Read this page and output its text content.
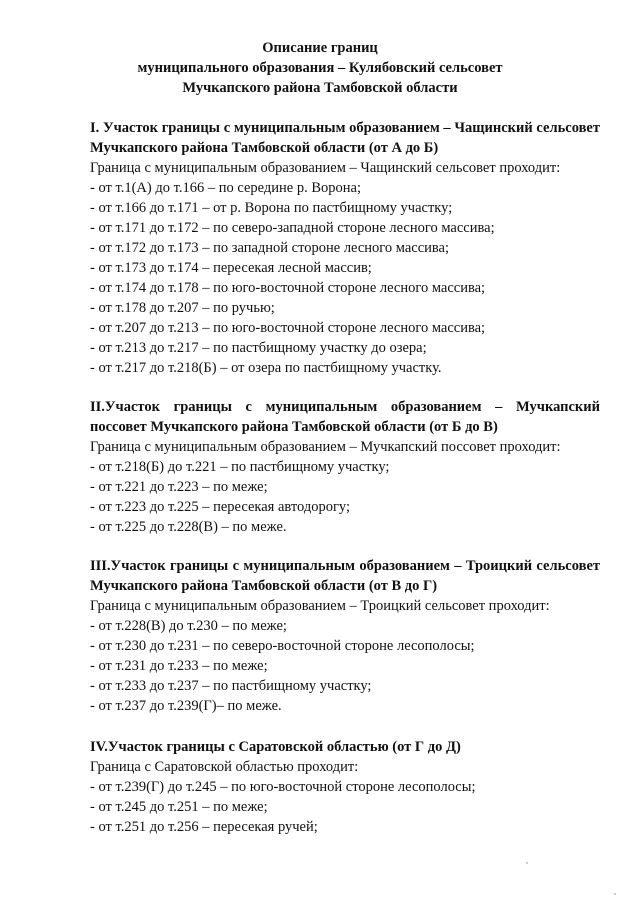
Описание границ
муниципального образования – Кулябовский сельсовет
Мучкапского района Тамбовской области
I. Участок границы с муниципальным образованием – Чащинский сельсовет Мучкапского района Тамбовской области (от А до Б)
Граница с муниципальным образованием – Чащинский сельсовет проходит:
- от т.1(А) до т.166 – по середине р. Ворона;
- от т.166 до т.171 – от р. Ворона по пастбищному участку;
- от т.171 до т.172 – по северо-западной стороне лесного массива;
- от т.172 до т.173 – по западной стороне лесного массива;
- от т.173 до т.174 – пересекая лесной массив;
- от т.174 до т.178 – по юго-восточной стороне лесного массива;
- от т.178 до т.207 – по ручью;
- от т.207 до т.213 – по юго-восточной стороне лесного массива;
- от т.213 до т.217 – по пастбищному участку до озера;
- от т.217 до т.218(Б) – от озера по пастбищному участку.
II.Участок границы с муниципальным образованием – Мучкапский поссовет Мучкапского района Тамбовской области (от Б до В)
Граница с муниципальным образованием – Мучкапский поссовет проходит:
- от т.218(Б) до т.221 – по пастбищному участку;
- от т.221 до т.223 – по меже;
- от т.223 до т.225 – пересекая автодорогу;
- от т.225 до т.228(В) – по меже.
III.Участок границы с муниципальным образованием – Троицкий сельсовет Мучкапского района Тамбовской области (от В до Г)
Граница с муниципальным образованием – Троицкий сельсовет проходит:
- от т.228(В) до т.230 – по меже;
- от т.230 до т.231 – по северо-восточной стороне лесополосы;
- от т.231 до т.233 – по меже;
- от т.233 до т.237 – по пастбищному участку;
- от т.237 до т.239(Г)– по меже.
IV.Участок границы с Саратовской областью (от Г до Д)
Граница с Саратовской областью проходит:
- от т.239(Г) до т.245 – по юго-восточной стороне лесополосы;
- от т.245 до т.251 – по меже;
- от т.251 до т.256 – пересекая ручей;
